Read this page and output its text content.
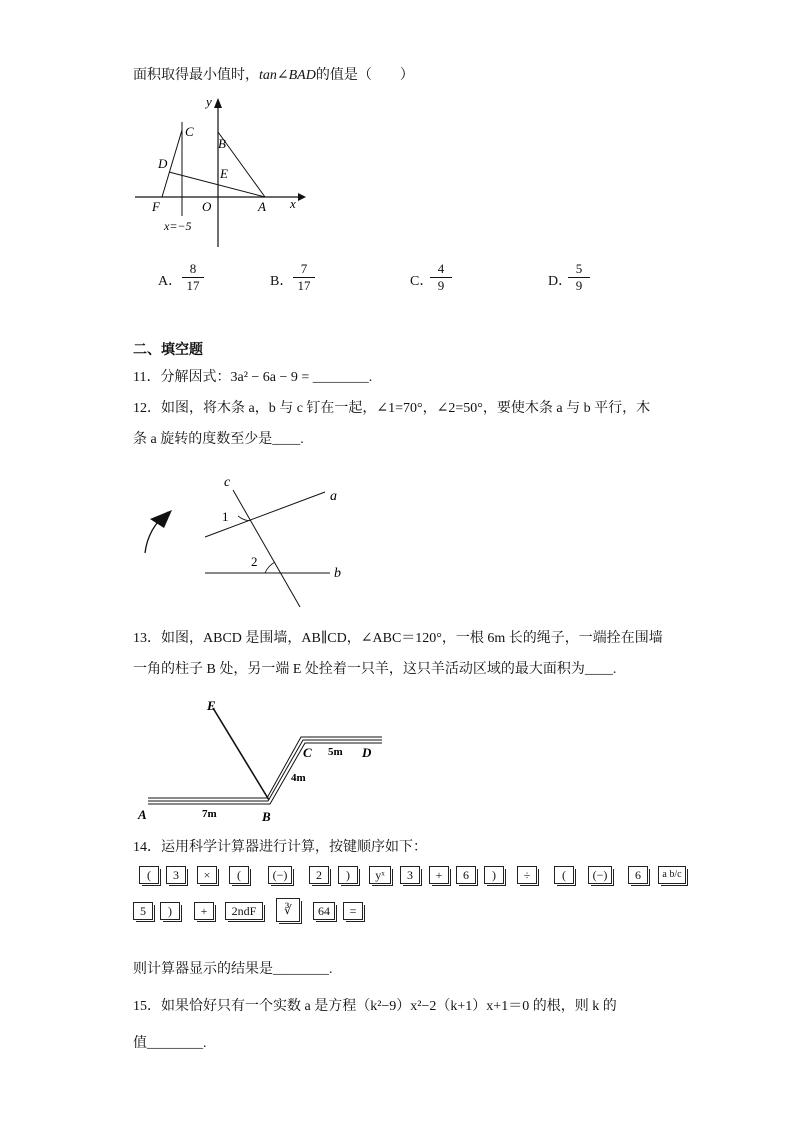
面积取得最小值时，tan∠BAD的值是（　　）
y
C
B
D
E
F	O	A x
x=−5
A． $\frac{8}{17}$	B． $\frac{7}{17}$	C．
$\frac{4}{9}$	D．
$\frac{5}{9}$
二、填空题
11．分解因式：3a² − 6a − 9 = ________.
12．如图，将木条 a，b 与 c 钉在一起，∠1=70°，∠2=50°，要使木条 a 与 b 平行，木
条 a 旋转的度数至少是____.
c
a
b
1
2
13．如图，ABCD 是围墙，AB∥CD，∠ABC＝120°，一根 6m 长的绳子，一端拴在围墙
一角的柱子 B 处，另一端 E 处拴着一只羊，这只羊活动区域的最大面积为____.
E
C	D
5m
4m
7m
A	B
14．运用科学计算器进行计算，按键顺序如下：
(	3	×	(	(−)	2	)	yˣ	3	+	6	)	÷	(	(−)	6	a b/c
5	)	+	2ndF	∛	64	=
则计算器显示的结果是________.
15．如果恰好只有一个实数 a 是方程（k²−9）x²−2（k+1）x+1＝0 的根，则 k 的
值________.
